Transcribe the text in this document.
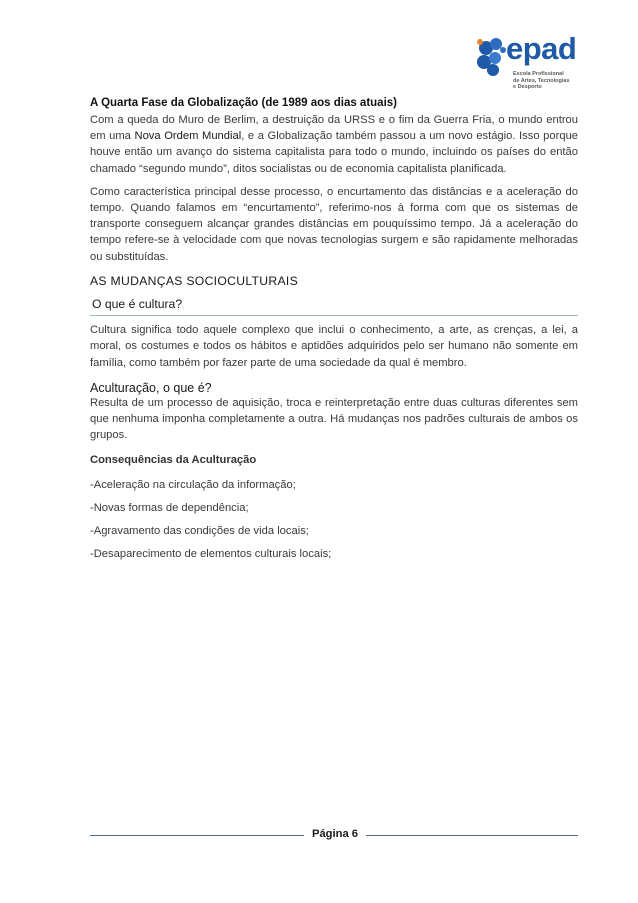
epad
Escola Profissional
de Artes, Tecnologias
e Desporto
A Quarta Fase da Globalização (de 1989 aos dias atuais)

Com a queda do Muro de Berlim, a destruição da URSS e o fim da Guerra Fria, o mundo entrou em uma Nova Ordem Mundial, e a Globalização também passou a um novo estágio. Isso porque houve então um avanço do sistema capitalista para todo o mundo, incluindo os países do então chamado “segundo mundo”, ditos socialistas ou de economia capitalista planificada.

Como característica principal desse processo, o encurtamento das distâncias e a aceleração do tempo. Quando falamos em “encurtamento”, referimo-nos à forma com que os sistemas de transporte conseguem alcançar grandes distâncias em pouquíssimo tempo. Já a aceleração do tempo refere-se à velocidade com que novas tecnologias surgem e são rapidamente melhoradas ou substituídas.

AS MUDANÇAS SOCIOCULTURAIS
O que é cultura?

Cultura significa todo aquele complexo que inclui o conhecimento, a arte, as crenças, a lei, a moral, os costumes e todos os hábitos e aptidões adquiridos pelo ser humano não somente em família, como também por fazer parte de uma sociedade da qual é membro.

Aculturação, o que é?

Resulta de um processo de aquisição, troca e reinterpretação entre duas culturas diferentes sem que nenhuma imponha completamente a outra. Há mudanças nos padrões culturais de ambos os grupos.

Consequências da Aculturação
-Aceleração na circulação da informação;
-Novas formas de dependência;
-Agravamento das condições de vida locais;
-Desaparecimento de elementos culturais locais;
Página 6
